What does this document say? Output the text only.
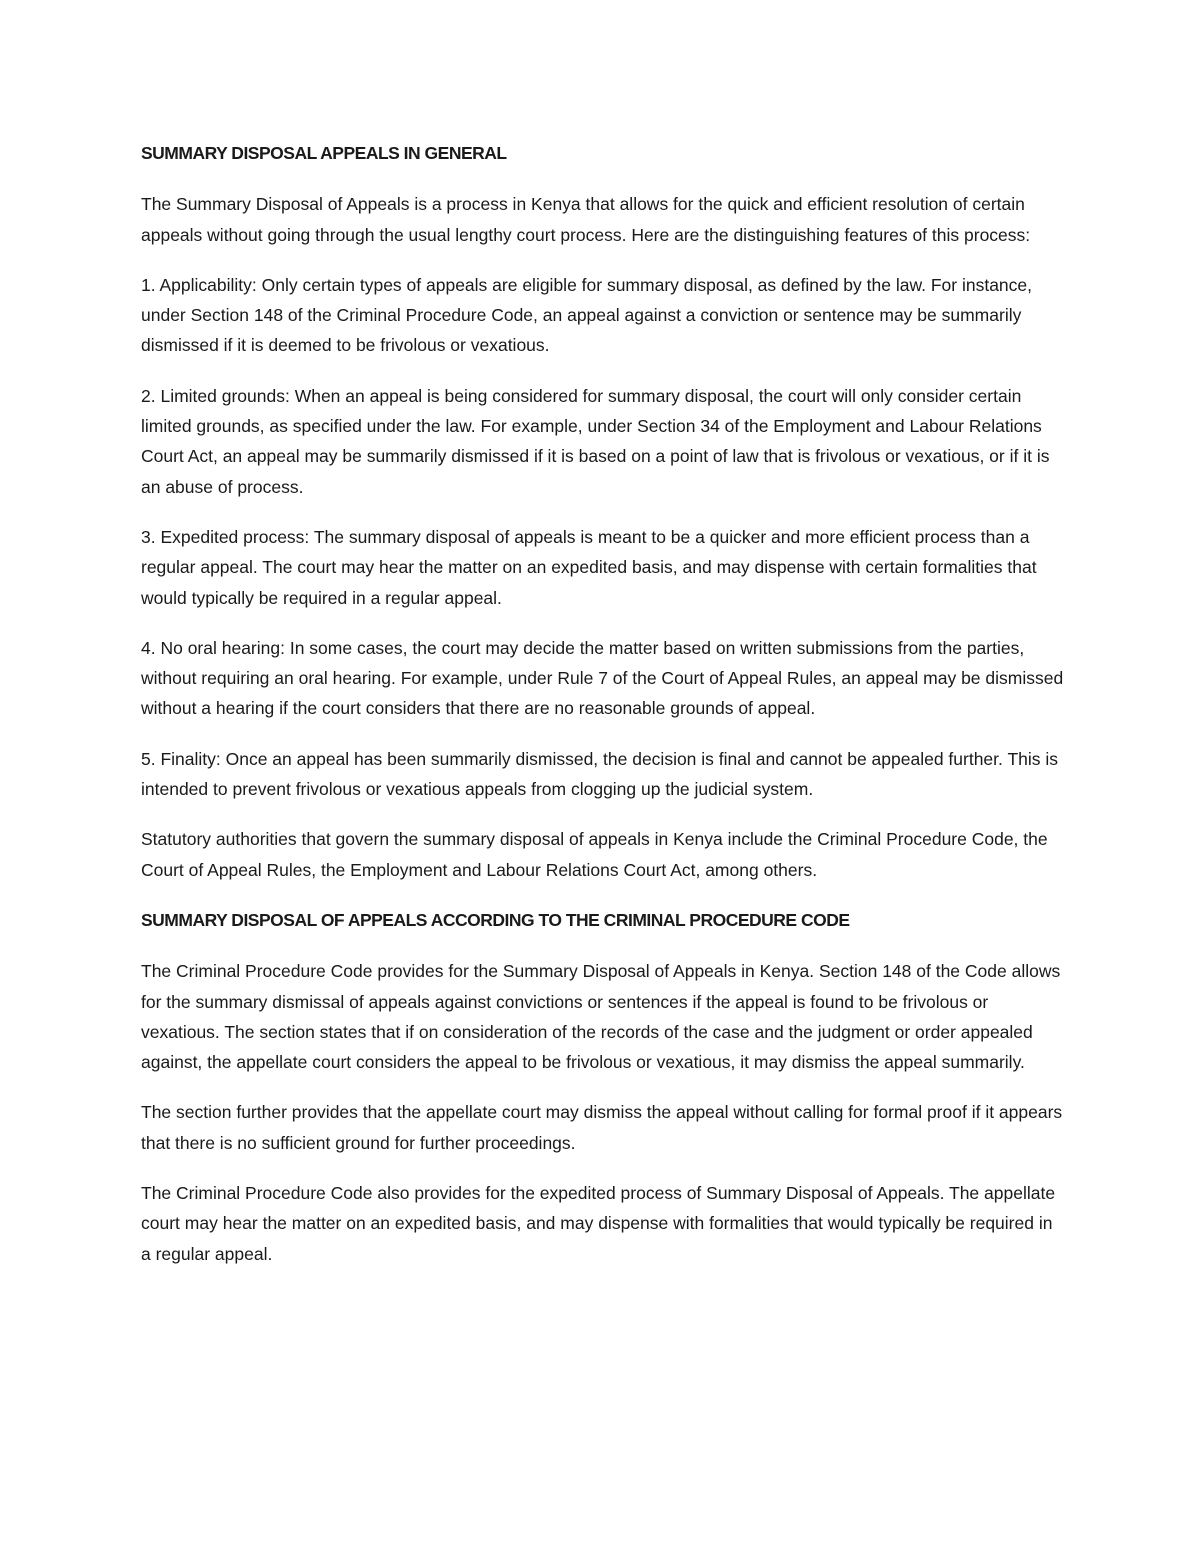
SUMMARY DISPOSAL APPEALS IN GENERAL

The Summary Disposal of Appeals is a process in Kenya that allows for the quick and efficient resolution of certain appeals without going through the usual lengthy court process. Here are the distinguishing features of this process:

1. Applicability: Only certain types of appeals are eligible for summary disposal, as defined by the law. For instance, under Section 148 of the Criminal Procedure Code, an appeal against a conviction or sentence may be summarily dismissed if it is deemed to be frivolous or vexatious.

2. Limited grounds: When an appeal is being considered for summary disposal, the court will only consider certain limited grounds, as specified under the law. For example, under Section 34 of the Employment and Labour Relations Court Act, an appeal may be summarily dismissed if it is based on a point of law that is frivolous or vexatious, or if it is an abuse of process.

3. Expedited process: The summary disposal of appeals is meant to be a quicker and more efficient process than a regular appeal. The court may hear the matter on an expedited basis, and may dispense with certain formalities that would typically be required in a regular appeal.

4. No oral hearing: In some cases, the court may decide the matter based on written submissions from the parties, without requiring an oral hearing. For example, under Rule 7 of the Court of Appeal Rules, an appeal may be dismissed without a hearing if the court considers that there are no reasonable grounds of appeal.

5. Finality: Once an appeal has been summarily dismissed, the decision is final and cannot be appealed further. This is intended to prevent frivolous or vexatious appeals from clogging up the judicial system.

Statutory authorities that govern the summary disposal of appeals in Kenya include the Criminal Procedure Code, the Court of Appeal Rules, the Employment and Labour Relations Court Act, among others.

SUMMARY DISPOSAL OF APPEALS ACCORDING TO THE CRIMINAL PROCEDURE CODE

The Criminal Procedure Code provides for the Summary Disposal of Appeals in Kenya. Section 148 of the Code allows for the summary dismissal of appeals against convictions or sentences if the appeal is found to be frivolous or vexatious. The section states that if on consideration of the records of the case and the judgment or order appealed against, the appellate court considers the appeal to be frivolous or vexatious, it may dismiss the appeal summarily.

The section further provides that the appellate court may dismiss the appeal without calling for formal proof if it appears that there is no sufficient ground for further proceedings.

The Criminal Procedure Code also provides for the expedited process of Summary Disposal of Appeals. The appellate court may hear the matter on an expedited basis, and may dispense with formalities that would typically be required in a regular appeal.
